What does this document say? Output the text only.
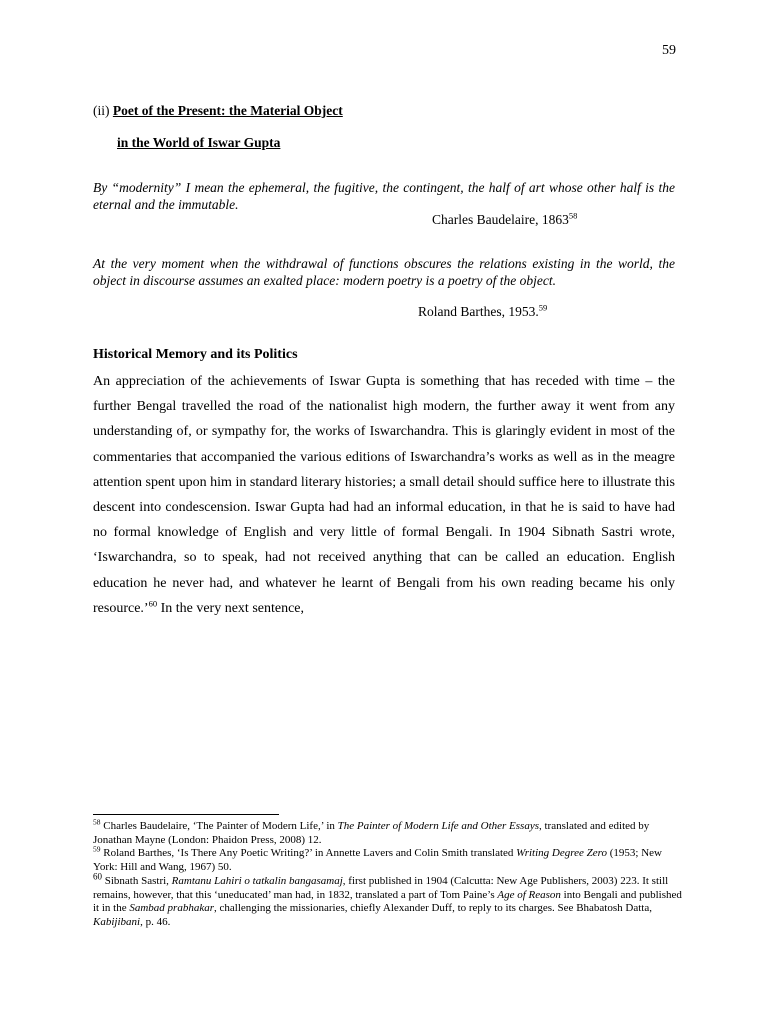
59
(ii) Poet of the Present: the Material Object
in the World of Iswar Gupta
By “modernity” I mean the ephemeral, the fugitive, the contingent, the half of art whose other half is the eternal and the immutable.
Charles Baudelaire, 1863$^{58}$
At the very moment when the withdrawal of functions obscures the relations existing in the world, the object in discourse assumes an exalted place: modern poetry is a poetry of the object.
Roland Barthes, 1953.59
Historical Memory and its Politics
An appreciation of the achievements of Iswar Gupta is something that has receded with time – the further Bengal travelled the road of the nationalist high modern, the further away it went from any understanding of, or sympathy for, the works of Iswarchandra. This is glaringly evident in most of the commentaries that accompanied the various editions of Iswarchandra’s works as well as in the meagre attention spent upon him in standard literary histories; a small detail should suffice here to illustrate this descent into condescension. Iswar Gupta had had an informal education, in that he is said to have had no formal knowledge of English and very little of formal Bengali. In 1904 Sibnath Sastri wrote, ‘Iswarchandra, so to speak, had not received anything that can be called an education. English education he never had, and whatever he learnt of Bengali from his own reading became his only resource.’$^{60}$ In the very next sentence,

$^{58}$ Charles Baudelaire, ‘The Painter of Modern Life,’ in The Painter of Modern Life and Other Essays, translated and edited by Jonathan Mayne (London: Phaidon Press, 2008) 12.

$^{59}$ Roland Barthes, ‘Is There Any Poetic Writing?’ in Annette Lavers and Colin Smith translated Writing Degree Zero (1953; New York: Hill and Wang, 1967) 50.

$^{60}$ Sibnath Sastri, Ramtanu Lahiri o tatkalin bangasamaj, first published in 1904 (Calcutta: New Age Publishers, 2003) 223. It still remains, however, that this ‘uneducated’ man had, in 1832, translated a part of Tom Paine’s Age of Reason into Bengali and published it in the Sambad prabhakar, challenging the missionaries, chiefly Alexander Duff, to reply to its charges. See Bhabatosh Datta, Kabijibani, p. 46.
